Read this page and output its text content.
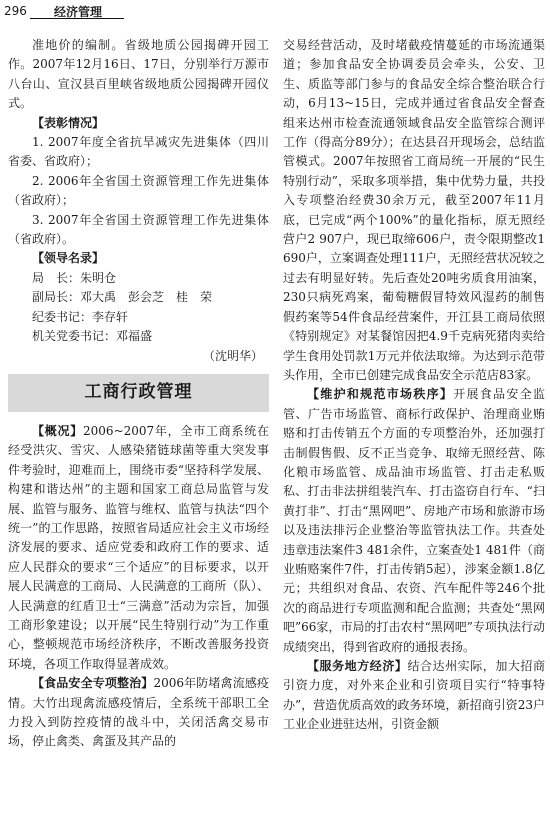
296	经济管理

准地价的编制。省级地质公园揭碑开园工作。2007年12月16日、17日，分别举行万源市八台山、宣汉县百里峡省级地质公园揭碑开园仪式。

【表彰情况】

1. 2007年度全省抗旱减灾先进集体（四川省委、省政府）；

2. 2006年全省国土资源管理工作先进集体（省政府）；

3. 2007年全省国土资源管理工作先进集体（省政府）。

【领导名录】

局　长：朱明仓

副局长：邓大禹　彭会芝　桂　荣

纪委书记：李存轩

机关党委书记：邓福盛

（沈明华）

工商行政管理

【概况】2006~2007年，全市工商系统在经受洪灾、雪灾、人感染猪链球菌等重大突发事件考验时，迎难而上，围绕市委“坚持科学发展、构建和谐达州”的主题和国家工商总局监管与发展、监管与服务、监管与维权、监管与执法“四个统一”的工作思路，按照省局适应社会主义市场经济发展的要求、适应党委和政府工作的要求、适应人民群众的要求“三个适应”的目标要求，以开展人民满意的工商局、人民满意的工商所（队）、人民满意的红盾卫士“三满意”活动为宗旨，加强工商形象建设；以开展“民生特别行动”为工作重心，整顿规范市场经济秩序，不断改善服务投资环境，各项工作取得显著成效。

【食品安全专项整治】2006年防堵禽流感疫情。大竹出现禽流感疫情后，全系统干部职工全力投入到防控疫情的战斗中，关闭活禽交易市场，停止禽类、禽蛋及其产品的

交易经营活动，及时堵截疫情蔓延的市场流通渠道；参加食品安全协调委员会牵头，公安、卫生、质监等部门参与的食品安全综合整治联合行动，6月13~15日，完成并通过省食品安全督查组来达州市检查流通领域食品安全监管综合测评工作（得高分89分）；在达县召开现场会，总结监管模式。2007年按照省工商局统一开展的“民生特别行动”，采取多项举措，集中优势力量，共投入专项整治经费30余万元，截至2007年11月底，已完成“两个100%”的量化指标，原无照经营户2 907户，现已取缔606户，责令限期整改1 690户，立案调查处理111户，无照经营状况较之过去有明显好转。先后查处20吨劣质食用油案，230只病死鸡案，葡萄糖假冒特效风湿药的制售假药案等54件食品经营案件，开江县工商局依照《特别规定》对某餐馆因把4.9千克病死猪肉卖给学生食用处罚款1万元并依法取缔。为达到示范带头作用，全市已创建完成食品安全示范店83家。

【维护和规范市场秩序】开展食品安全监管、广告市场监管、商标行政保护、治理商业贿赂和打击传销五个方面的专项整治外，还加强打击制假售假、反不正当竞争、取缔无照经营、陈化粮市场监管、成品油市场监管、打击走私贩私、打击非法拼组装汽车、打击盗窃自行车、“扫黄打非”、打击“黑网吧”、房地产市场和旅游市场以及违法排污企业整治等监管执法工作。共查处违章违法案件3 481余件，立案查处1 481件（商业贿赂案件7件，打击传销5起），涉案金额1.8亿元；共组织对食品、农资、汽车配件等246个批次的商品进行专项监测和配合监测；共查处“黑网吧”66家，市局的打击农村“黑网吧”专项执法行动成绩突出，得到省政府的通报表扬。

【服务地方经济】结合达州实际，加大招商引资力度，对外来企业和引资项目实行“特事特办”，营造优质高效的政务环境，新招商引资23户工业企业进驻达州，引资金额
